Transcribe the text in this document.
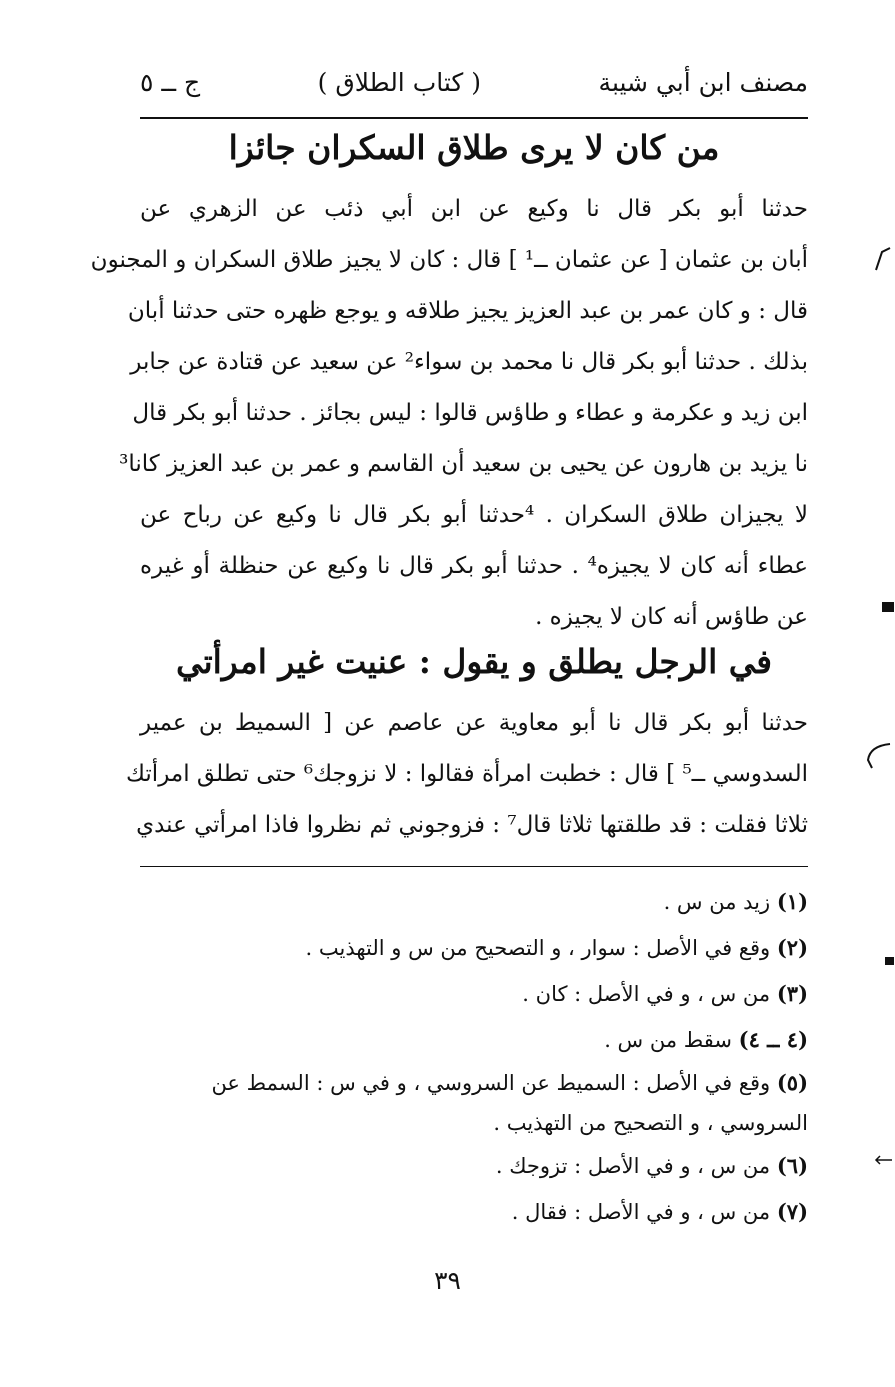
مصنف ابن أبي شيبة
( كتاب الطلاق )
ج ــ ٥
من كان لا يرى طلاق السكران جائزا
حدثنا أبو بكر قال نا وكيع عن ابن أبي ذئب عن الزهري عن
أبان بن عثمان [ عن عثمان ــ¹ ] قال : كان لا يجيز طلاق السكران و المجنون
قال : و كان عمر بن عبد العزيز يجيز طلاقه و يوجع ظهره حتى حدثنا أبان
بذلك . حدثنا أبو بكر قال نا محمد بن سواء² عن سعيد عن قتادة عن جابر
ابن زيد و عكرمة و عطاء و طاؤس قالوا : ليس بجائز . حدثنا أبو بكر قال
نا يزيد بن هارون عن يحيى بن سعيد أن القاسم و عمر بن عبد العزيز كانا³
لا يجيزان طلاق السكران . ⁴حدثنا أبو بكر قال نا وكيع عن رباح عن
عطاء أنه كان لا يجيزه⁴ . حدثنا أبو بكر قال نا وكيع عن حنظلة أو غيره
عن طاؤس أنه كان لا يجيزه .
في الرجل يطلق و يقول : عنيت غير امرأتي
حدثنا أبو بكر قال نا أبو معاوية عن عاصم عن [ السميط بن عمير
السدوسي ــ⁵ ] قال : خطبت امرأة فقالوا : لا نزوجك⁶ حتى تطلق امرأتك
ثلاثا فقلت : قد طلقتها ثلاثا قال⁷ : فزوجوني ثم نظروا فاذا امرأتي عندي
(١) زيد من س .
(٢) وقع في الأصل : سوار ، و التصحيح من س و التهذيب .
(٣) من س ، و في الأصل : كان .
(٤ ــ ٤) سقط من س .
(٥) وقع في الأصل : السميط عن السروسي ، و في س : السمط عن السروسي ، و التصحيح من التهذيب .
(٦) من س ، و في الأصل : تزوجك .
(٧) من س ، و في الأصل : فقال .
٣٩
